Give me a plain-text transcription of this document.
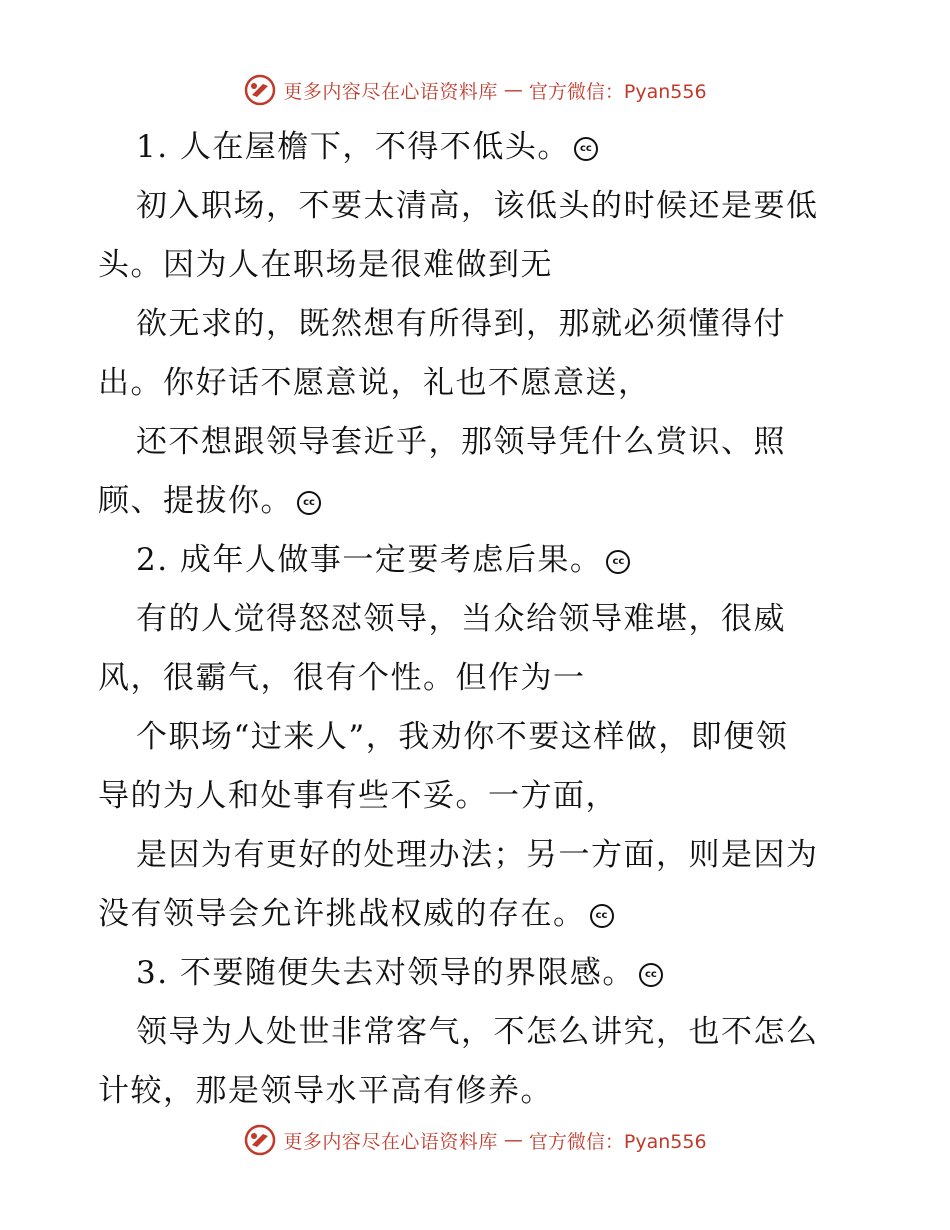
更多内容尽在心语资料库 — 官方微信：Pyan556
1. 人在屋檐下，不得不低头。 cc
初入职场，不要太清高，该低头的时候还是要低
头。因为人在职场是很难做到无
欲无求的，既然想有所得到，那就必须懂得付
出。你好话不愿意说，礼也不愿意送，
还不想跟领导套近乎，那领导凭什么赏识、照
顾、提拔你。 cc
2. 成年人做事一定要考虑后果。 cc
有的人觉得怒怼领导，当众给领导难堪，很威
风，很霸气，很有个性。但作为一
个职场“过来人”，我劝你不要这样做，即便领
导的为人和处事有些不妥。一方面，
是因为有更好的处理办法；另一方面，则是因为
没有领导会允许挑战权威的存在。 cc
3. 不要随便失去对领导的界限感。 cc
领导为人处世非常客气，不怎么讲究，也不怎么
计较，那是领导水平高有修养。
更多内容尽在心语资料库 — 官方微信：Pyan556
